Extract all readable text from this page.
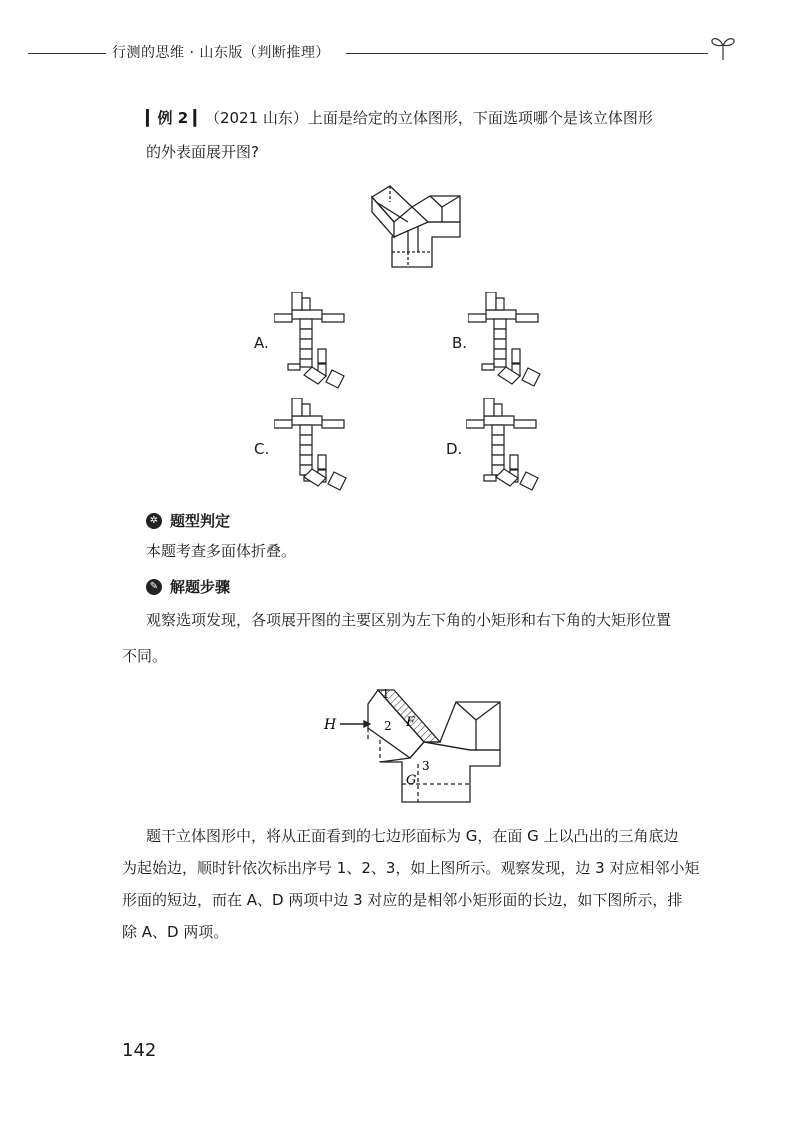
行测的思维 · 山东版（判断推理）
▎例 2 ▎（2021 山东）上面是给定的立体图形，下面选项哪个是该立体图形
的外表面展开图?
A.	B.
C.	D.
✲ 题型判定
本题考查多面体折叠。
✎ 解题步骤
观察选项发现，各项展开图的主要区别为左下角的小矩形和右下角的大矩形位置
不同。
H
1
2 F
G
3
题干立体图形中，将从正面看到的七边形面标为 G，在面 G 上以凸出的三角底边
为起始边，顺时针依次标出序号 1、2、3，如上图所示。观察发现，边 3 对应相邻小矩
形面的短边，而在 A、D 两项中边 3 对应的是相邻小矩形面的长边，如下图所示，排
除 A、D 两项。
142
